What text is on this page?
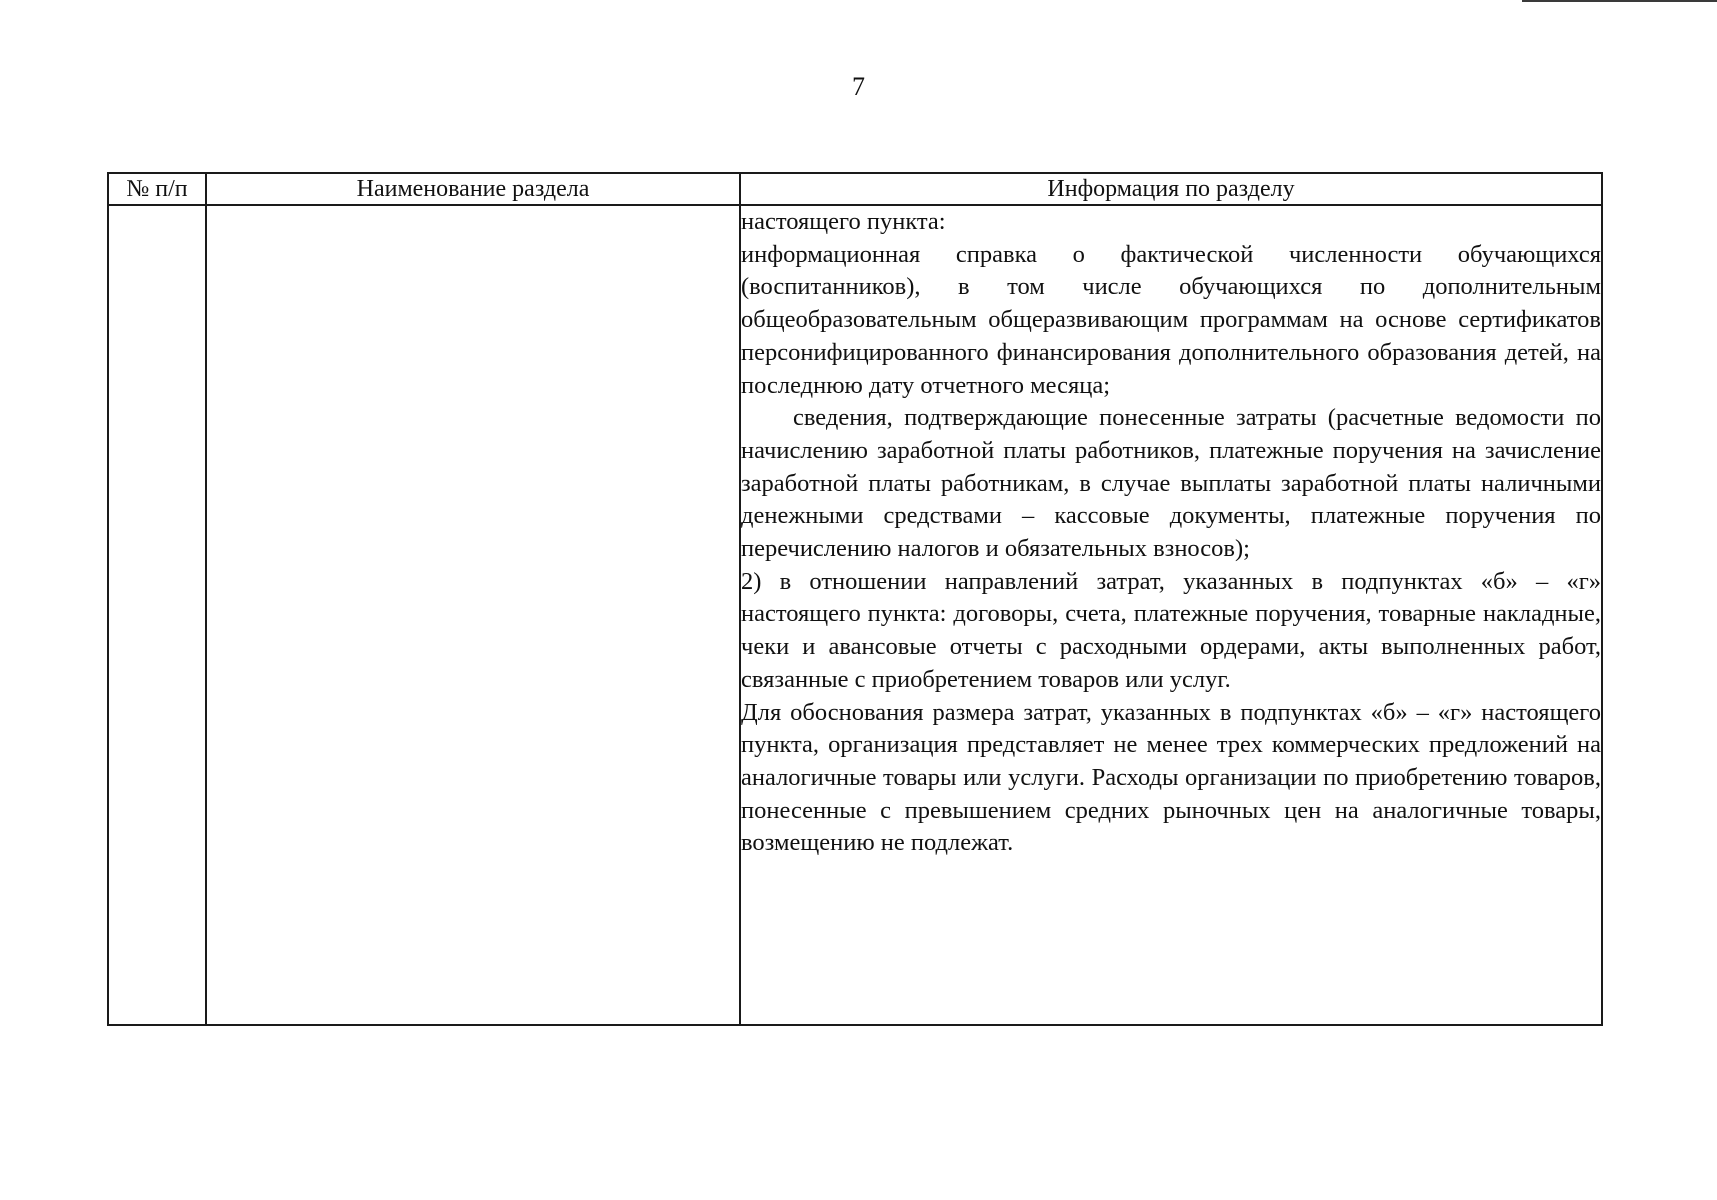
7
№ п/п	Наименование раздела	Информация по разделу

		настоящего пункта:

информационная справка о фактической численности обучающихся (воспитанников), в том числе обучающихся по дополнительным общеобразовательным общеразвивающим программам на основе сертификатов персонифицированного финансирования дополнительного образования детей, на последнюю дату отчетного месяца;

сведения, подтверждающие понесенные затраты (расчетные ведомости по начислению заработной платы работников, платежные поручения на зачисление заработной платы работникам, в случае выплаты заработной платы наличными денежными средствами – кассовые документы, платежные поручения по перечислению налогов и обязательных взносов);

2) в отношении направлений затрат, указанных в подпунктах «б» – «г» настоящего пункта: договоры, счета, платежные поручения, товарные накладные, чеки и авансовые отчеты с расходными ордерами, акты выполненных работ, связанные с приобретением товаров или услуг.

Для обоснования размера затрат, указанных в подпунктах «б» – «г» настоящего пункта, организация представляет не менее трех коммерческих предложений на аналогичные товары или услуги. Расходы организации по приобретению товаров, понесенные с превышением средних рыночных цен на аналогичные товары, возмещению не подлежат.
